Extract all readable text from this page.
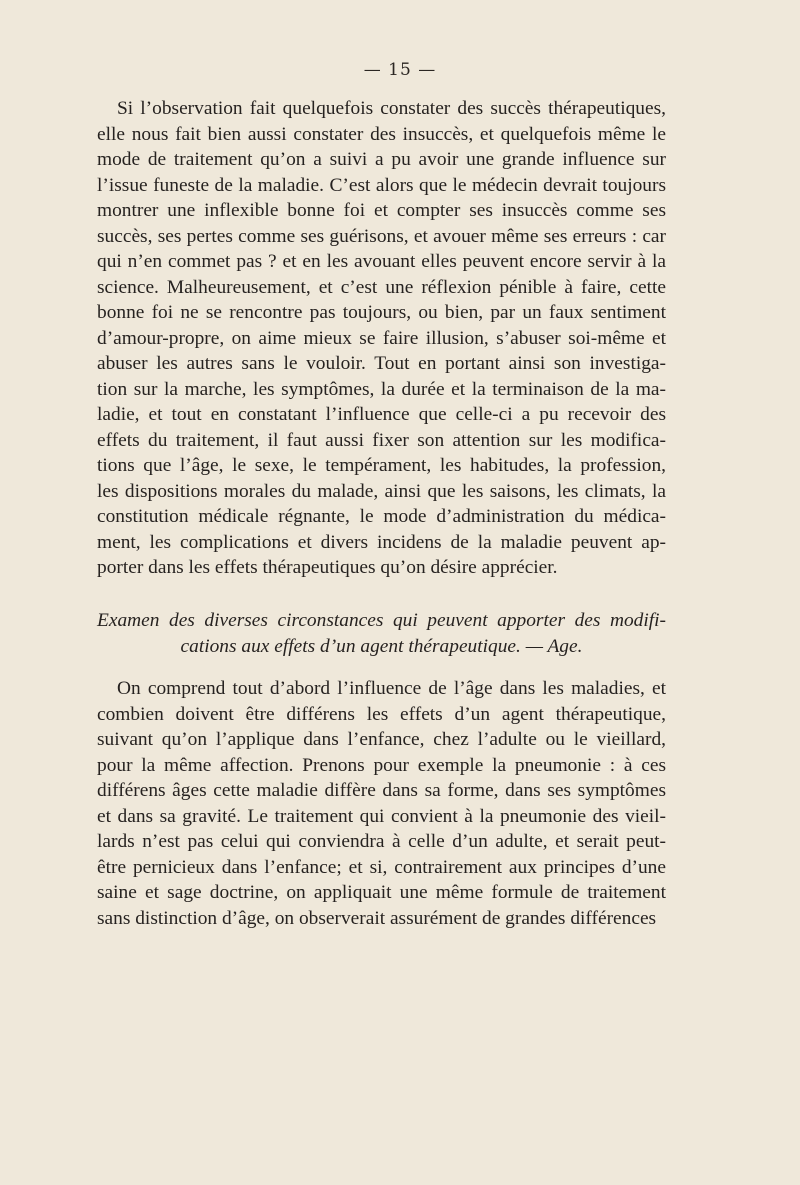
— 15 —
Si l’observation fait quelquefois constater des succès thérapeutiques,
elle nous fait bien aussi constater des insuccès, et quelquefois même le
mode de traitement qu’on a suivi a pu avoir une grande influence sur
l’issue funeste de la maladie. C’est alors que le médecin devrait toujours
montrer une inflexible bonne foi et compter ses insuccès comme ses
succès, ses pertes comme ses guérisons, et avouer même ses erreurs : car
qui n’en commet pas ? et en les avouant elles peuvent encore servir à la
science. Malheureusement, et c’est une réflexion pénible à faire, cette
bonne foi ne se rencontre pas toujours, ou bien, par un faux sentiment
d’amour-propre, on aime mieux se faire illusion, s’abuser soi-même et
abuser les autres sans le vouloir. Tout en portant ainsi son investiga-
tion sur la marche, les symptômes, la durée et la terminaison de la ma-
ladie, et tout en constatant l’influence que celle-ci a pu recevoir des
effets du traitement, il faut aussi fixer son attention sur les modifica-
tions que l’âge, le sexe, le tempérament, les habitudes, la profession,
les dispositions morales du malade, ainsi que les saisons, les climats, la
constitution médicale régnante, le mode d’administration du médica-
ment, les complications et divers incidens de la maladie peuvent ap-
porter dans les effets thérapeutiques qu’on désire apprécier.
Examen des diverses circonstances qui peuvent apporter des modifi-
cations aux effets d’un agent thérapeutique. — Age.
On comprend tout d’abord l’influence de l’âge dans les maladies, et
combien doivent être différens les effets d’un agent thérapeutique,
suivant qu’on l’applique dans l’enfance, chez l’adulte ou le vieillard,
pour la même affection. Prenons pour exemple la pneumonie : à ces
différens âges cette maladie diffère dans sa forme, dans ses symptômes
et dans sa gravité. Le traitement qui convient à la pneumonie des vieil-
lards n’est pas celui qui conviendra à celle d’un adulte, et serait peut-
être pernicieux dans l’enfance; et si, contrairement aux principes d’une
saine et sage doctrine, on appliquait une même formule de traitement
sans distinction d’âge, on observerait assurément de grandes différences
